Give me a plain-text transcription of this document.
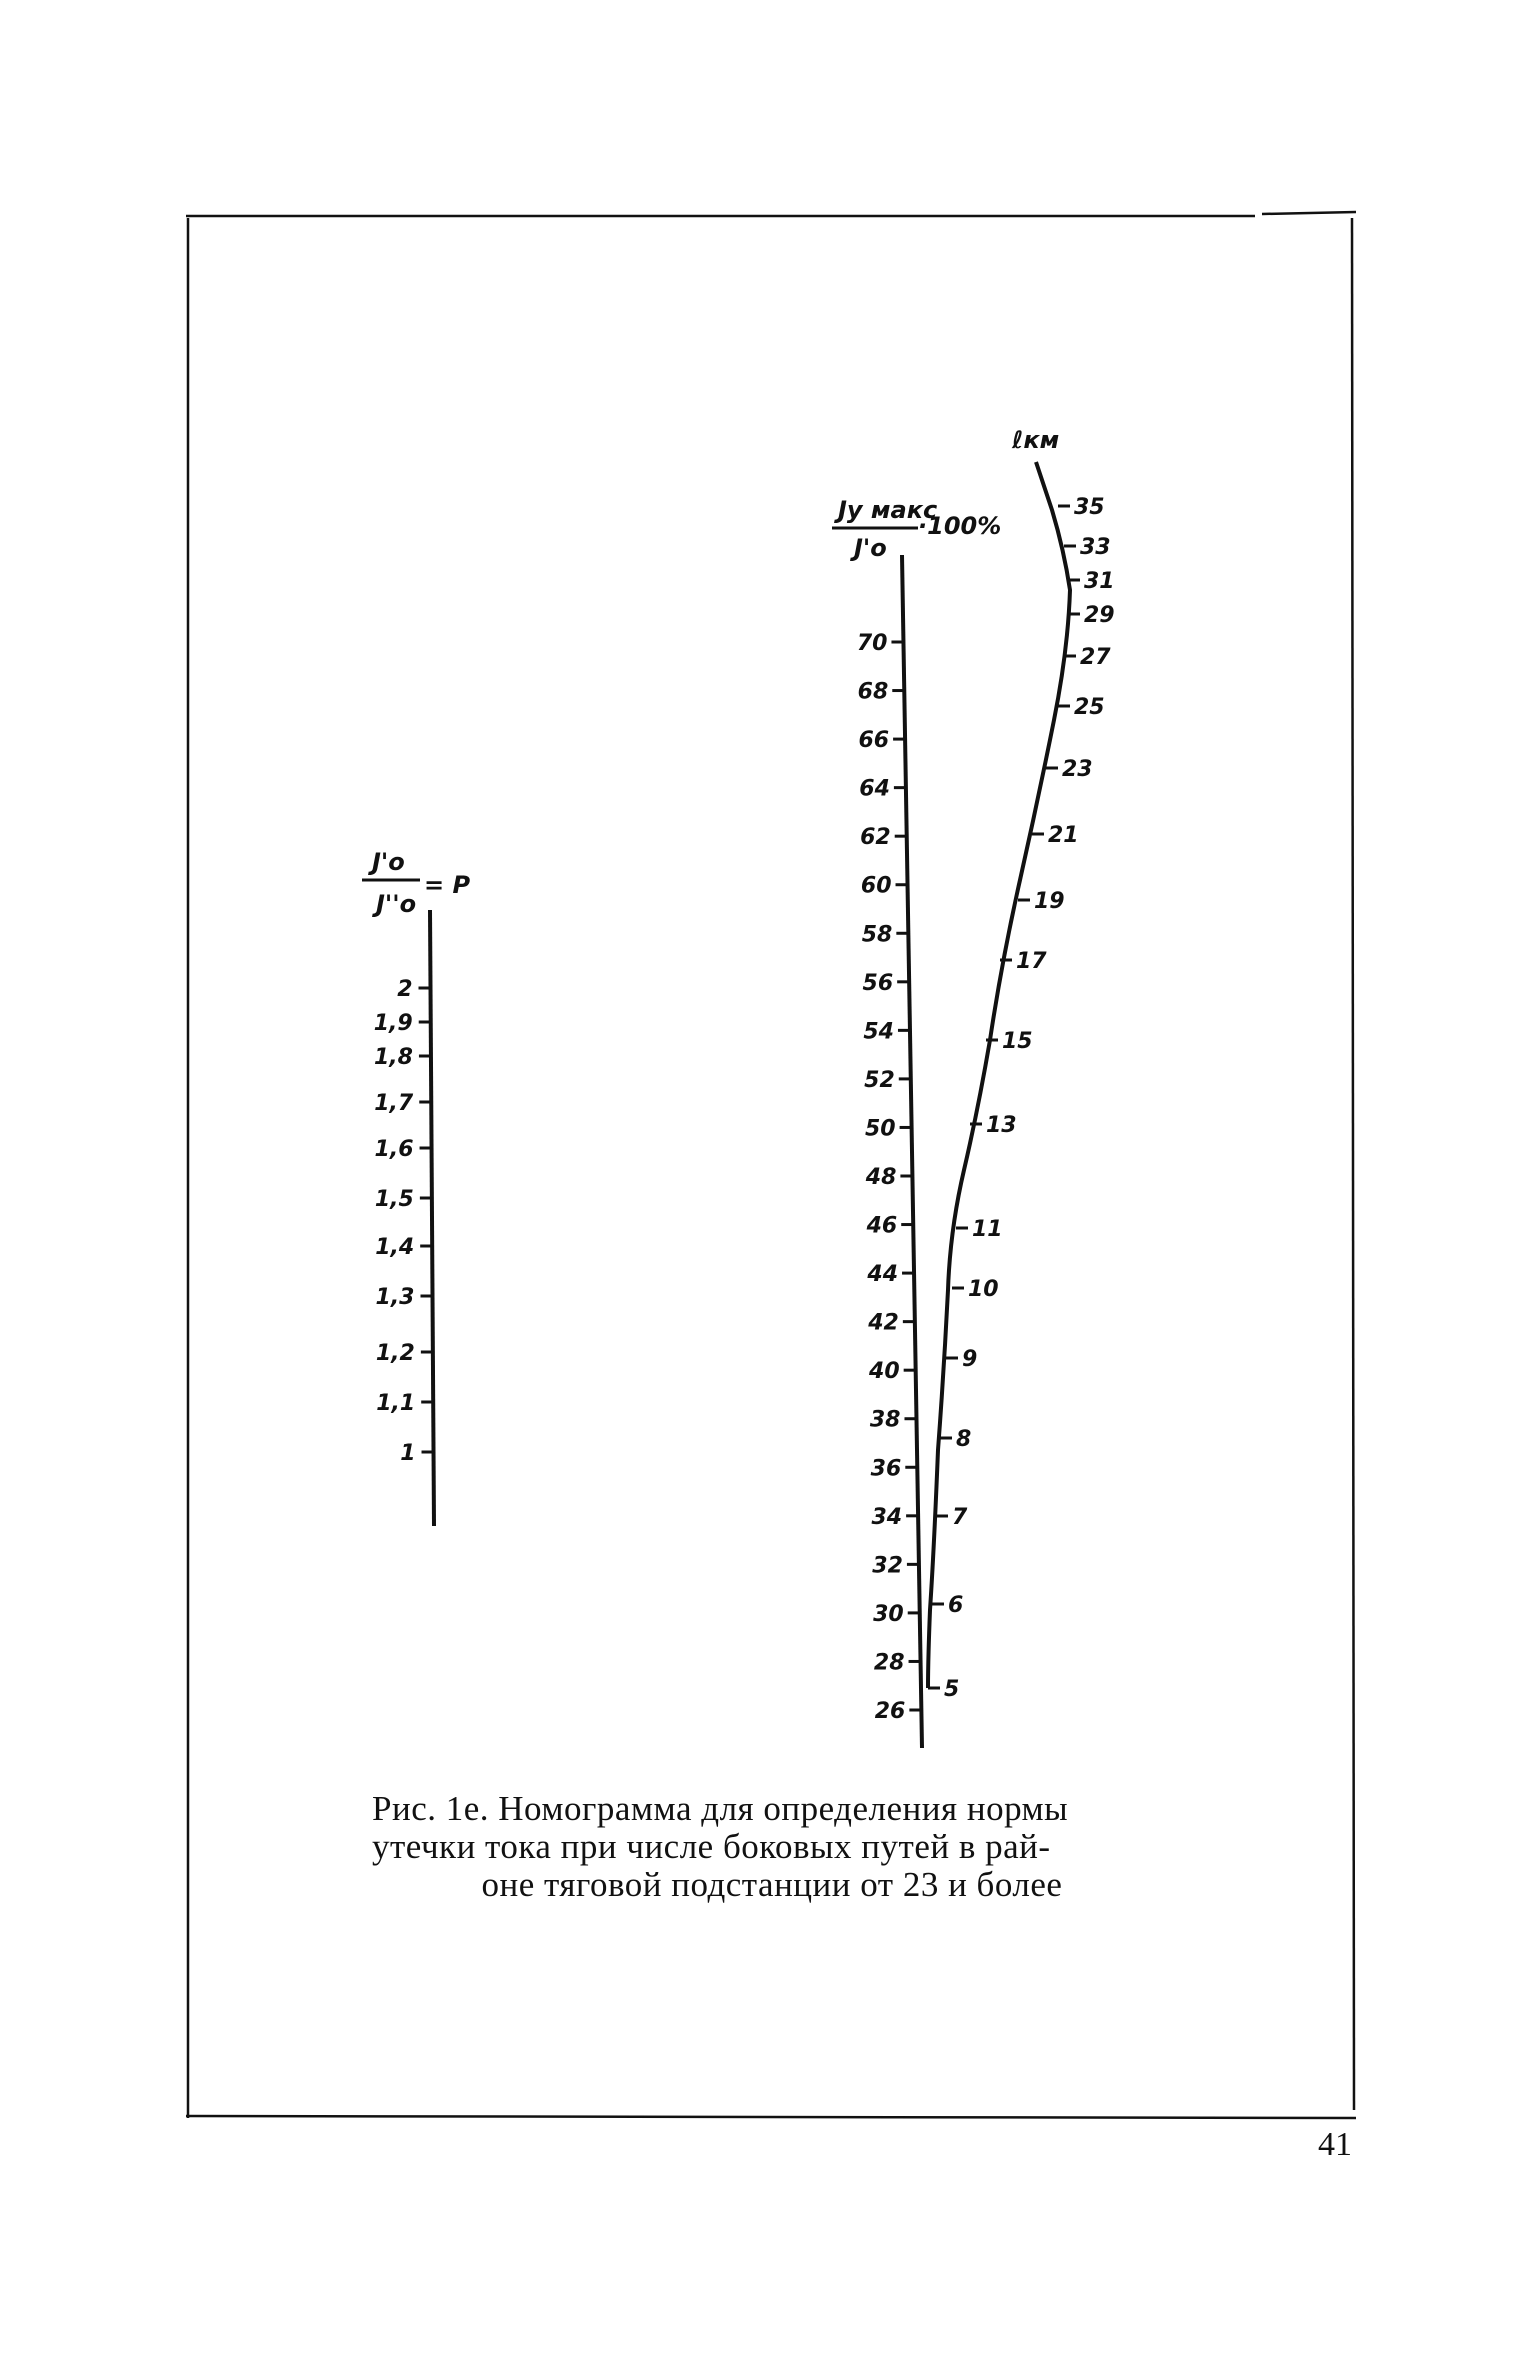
J'o
J''o
= P
2
1,9
1,8
1,7
1,6
1,5
1,4
1,3
1,2
1,1
1
Jу макс
J'o
·100%
70
68
66
64
62
60
58
56
54
52
50
48
46
44
42
40
38
36
34
32
30
28
26
ℓкм
35
33
31
29
27
25
23
21
19
17
15
13
11
10
9
8
7
6
5
Рис. 1е. Номограмма для определения нормы
утечки тока при числе боковых путей в рай-
оне тяговой подстанции от 23 и более
41
